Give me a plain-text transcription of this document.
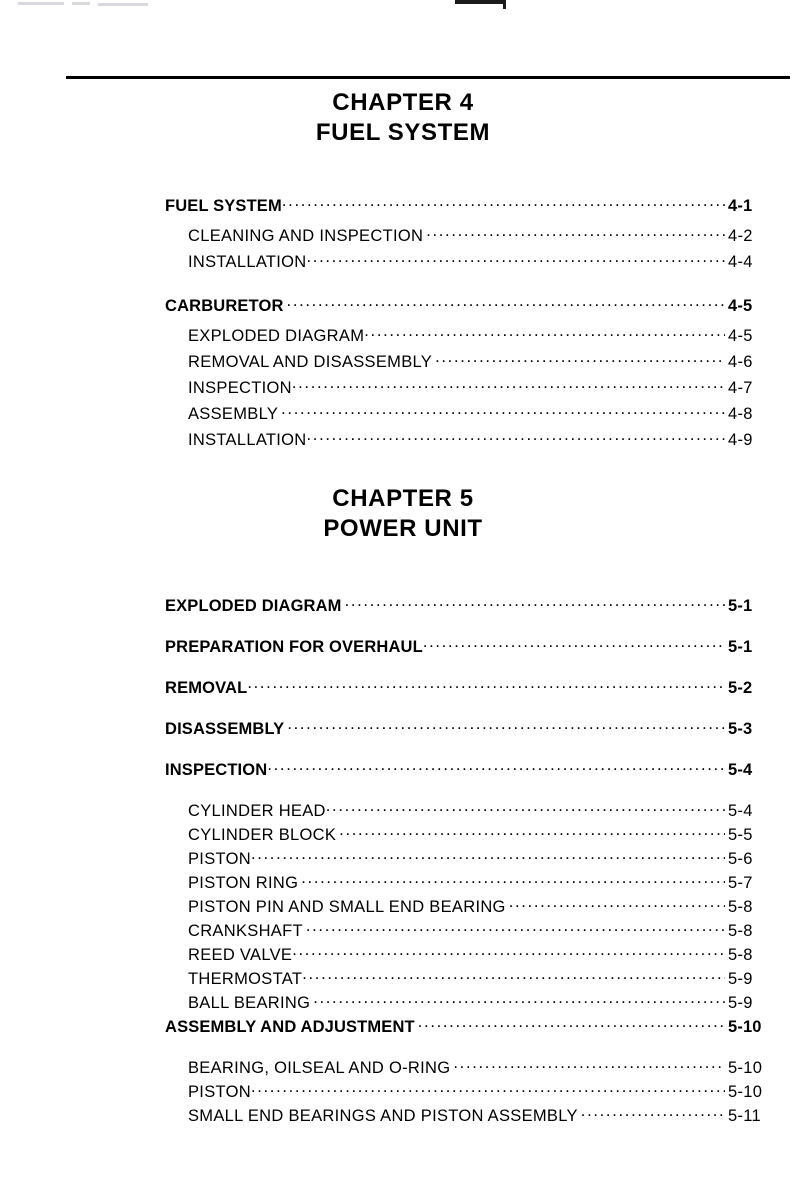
CHAPTER 4
FUEL SYSTEM
FUEL SYSTEM .....	4-1
CLEANING AND INSPECTION .....	4-2
INSTALLATION .....	4-4
CARBURETOR .....	4-5
EXPLODED DIAGRAM .....	4-5
REMOVAL AND DISASSEMBLY .....	4-6
INSPECTION .....	4-7
ASSEMBLY .....	4-8
INSTALLATION .....	4-9
CHAPTER 5
POWER UNIT
EXPLODED DIAGRAM .....	5-1
PREPARATION FOR OVERHAUL .....	5-1
REMOVAL .....	5-2
DISASSEMBLY .....	5-3
INSPECTION .....	5-4
CYLINDER HEAD .....	5-4
CYLINDER BLOCK .....	5-5
PISTON .....	5-6
PISTON RING .....	5-7
PISTON PIN AND SMALL END BEARING .....	5-8
CRANKSHAFT .....	5-8
REED VALVE .....	5-8
THERMOSTAT .....	5-9
BALL BEARING .....	5-9
ASSEMBLY AND ADJUSTMENT .....	5-10
BEARING, OILSEAL AND O-RING .....	5-10
PISTON .....	5-10
SMALL END BEARINGS AND PISTON ASSEMBLY .....	5-11
